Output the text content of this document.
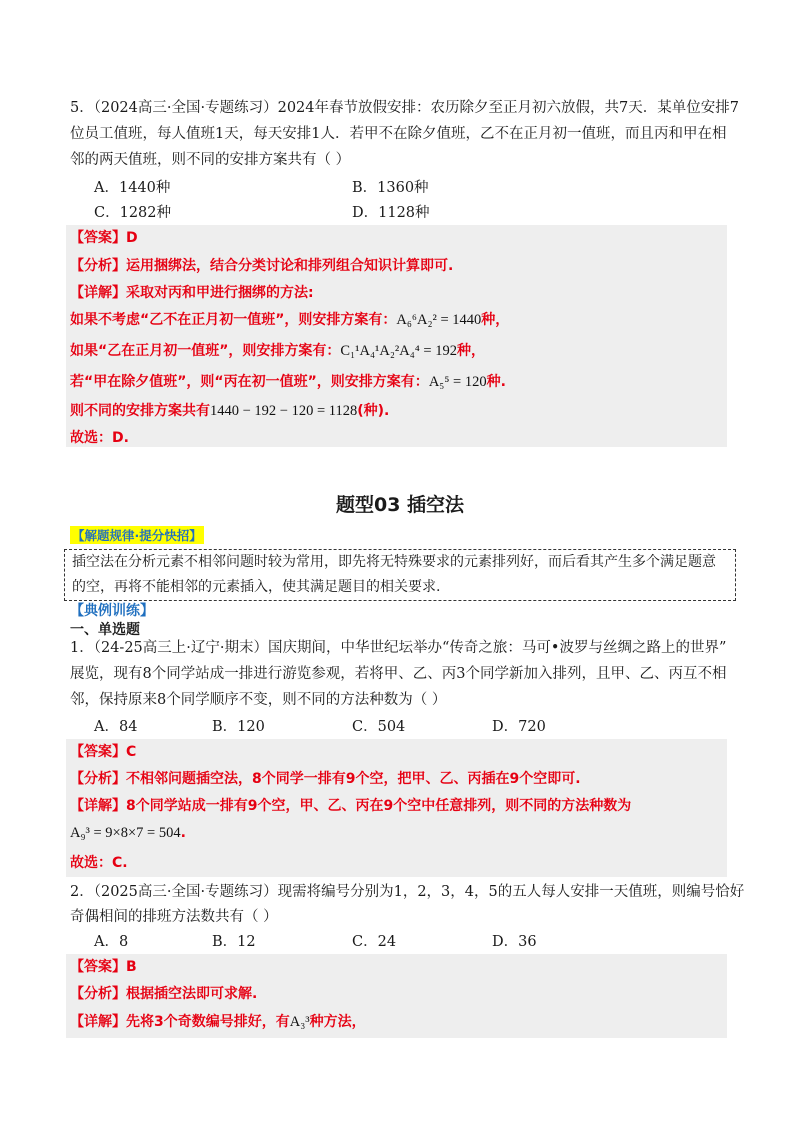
5．（2024高三·全国·专题练习）2024年春节放假安排：农历除夕至正月初六放假，共7天．某单位安排7
位员工值班，每人值班1天，每天安排1人．若甲不在除夕值班，乙不在正月初一值班，而且丙和甲在相
邻的两天值班，则不同的安排方案共有（ ）
A．1440种	B．1360种
C．1282种	D．1128种
【答案】D
【分析】运用捆绑法，结合分类讨论和排列组合知识计算即可.
【详解】采取对丙和甲进行捆绑的方法:
如果不考虑“乙不在正月初一值班”，则安排方案有：A₆⁶A₂² = 1440种，
如果“乙在正月初一值班”，则安排方案有：C₁¹A₄¹A₂²A₄⁴ = 192种，
若“甲在除夕值班”，则“丙在初一值班”，则安排方案有：A₅⁵ = 120种.
则不同的安排方案共有1440 − 192 − 120 = 1128(种).
故选：D.
题型03 插空法
【解题规律·提分快招】
插空法在分析元素不相邻问题时较为常用，即先将无特殊要求的元素排列好，而后看其产生多个满足题意
的空，再将不能相邻的元素插入，使其满足题目的相关要求.
【典例训练】
一、单选题
1．（24-25高三上·辽宁·期末）国庆期间，中华世纪坛举办“传奇之旅：马可•波罗与丝绸之路上的世界”
展览，现有8个同学站成一排进行游览参观，若将甲、乙、丙3个同学新加入排列，且甲、乙、丙互不相
邻，保持原来8个同学顺序不变，则不同的方法种数为（ ）
A．84	B．120	C．504	D．720
【答案】C
【分析】不相邻问题插空法，8个同学一排有9个空，把甲、乙、丙插在9个空即可.
【详解】8个同学站成一排有9个空，甲、乙、丙在9个空中任意排列，则不同的方法种数为
A₉³ = 9×8×7 = 504.
故选：C.
2．（2025高三·全国·专题练习）现需将编号分别为1，2，3，4，5的五人每人安排一天值班，则编号恰好
奇偶相间的排班方法数共有（ ）
A．8	B．12	C．24	D．36
【答案】B
【分析】根据插空法即可求解.
【详解】先将3个奇数编号排好，有A₃³种方法，
